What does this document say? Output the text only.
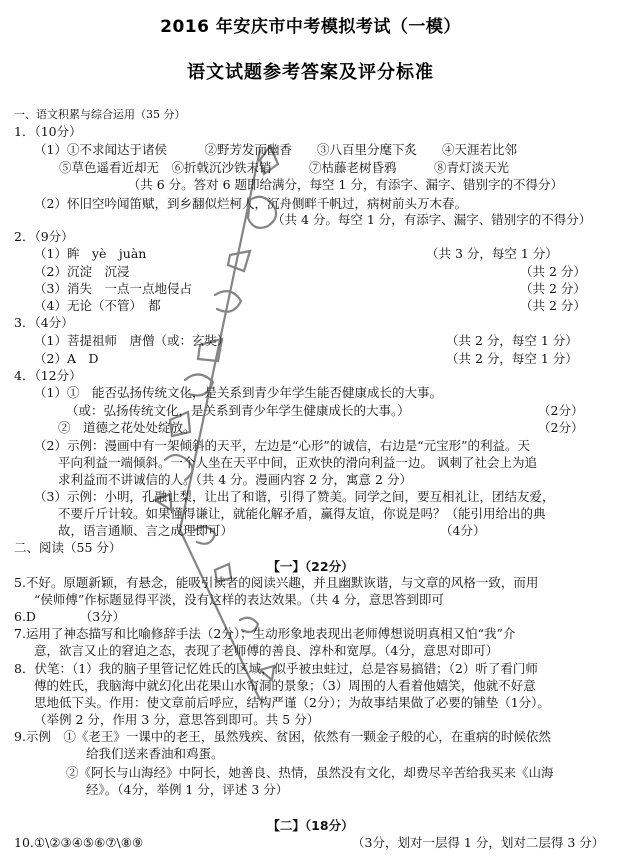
2016 年安庆市中考模拟考试（一模）
语文试题参考答案及评分标准
一、语文积累与综合运用（35 分）
1．（10分）
（1）①不求闻达于诸侯　　　②野芳发而幽香　　③八百里分麾下炙　　④天涯若比邻
　　⑤草色遥看近却无　⑥折戟沉沙铁未销　　　⑦枯藤老树昏鸦　　　⑧青灯淡天光
　　　　　　　　（共 6 分。答对 6 题即给满分，每空 1 分，有添字、漏字、错别字的不得分）
（2）怀旧空吟闻笛赋，到乡翻似烂柯人，沉舟侧畔千帆过，病树前头万木春。
（共 4 分。每空 1 分，有添字、漏字、错别字的不得分）
2．（9分）
（1）眸　yè　juàn	（共 3 分，每空 1 分）
（2）沉淀　沉浸	（共 2 分）
（3）消失　一点一点地侵占	（共 2 分）
（4）无论（不管）　都	（共 2 分）
3．（4分）
（1）菩提祖师　唐僧（或：玄奘）	（共 2 分，每空 1 分）
（2）A　D	（共 2 分，每空 1 分）
4．（12分）
（1）①　能否弘扬传统文化，是关系到青少年学生能否健康成长的大事。
（或：弘扬传统文化，是关系到青少年学生健康成长的大事。）	（2分）
②　道德之花处处绽放。	（2分）
（2）示例：漫画中有一架倾斜的天平，左边是“心形”的诚信，右边是“元宝形”的利益。天
平向利益一端倾斜。一个人坐在天平中间，正欢快的滑向利益一边。 讽刺了社会上为追
求利益而不讲诚信的人。（共 4 分。漫画内容 2 分，寓意 2 分）
（3）示例：小明，孔融让梨，让出了和谐，引得了赞美。同学之间，要互相礼让，团结友爱，
不要斤斤计较。如果懂得谦让，就能化解矛盾，赢得友谊，你说是吗？（能引用给出的典
故，语言通顺、言之成理即可）	（4分）
二、阅读（55 分）
【一】（22分）
5.不好。原题新颖，有悬念，能吸引读者的阅读兴趣，并且幽默诙谐，与文章的风格一致，而用
“侯师傅”作标题显得平淡，没有这样的表达效果。（共 4 分，意思答到即可
6.D　　　　（3分）
7.运用了神态描写和比喻修辞手法（2分）；生动形象地表现出老师傅想说明真相又怕“我”介
意，欲言又止的窘迫之态，表现了老师傅的善良、淳朴和宽厚。（4分，意思对即可）
8．伏笔：（1）我的脑子里管记忆姓氏的区域，似乎被虫蛀过，总是容易搞错；（2）听了看门师
傅的姓氏，我脑海中就幻化出花果山水帘洞的景象；（3）周围的人看着他嬉笑，他就不好意
思地低下头。作用：使文章前后呼应，结构严谨（2分）；为故事结果做了必要的铺垫（1分）。
（举例 2 分，作用 3 分，意思答到即可。共 5 分）
9.示例　①《老王》一课中的老王，虽然残疾、贫困，依然有一颗金子般的心，在重病的时候依然
给我们送来香油和鸡蛋。
②《阿长与山海经》中阿长，她善良、热情，虽然没有文化，却费尽辛苦给我买来《山海
经》。（4分，举例 1 分，评述 3 分）
【二】（18分）
10.①\②③④⑤⑥⑦\⑧⑨	（3分，划对一层得 1 分，划对二层得 3 分）
